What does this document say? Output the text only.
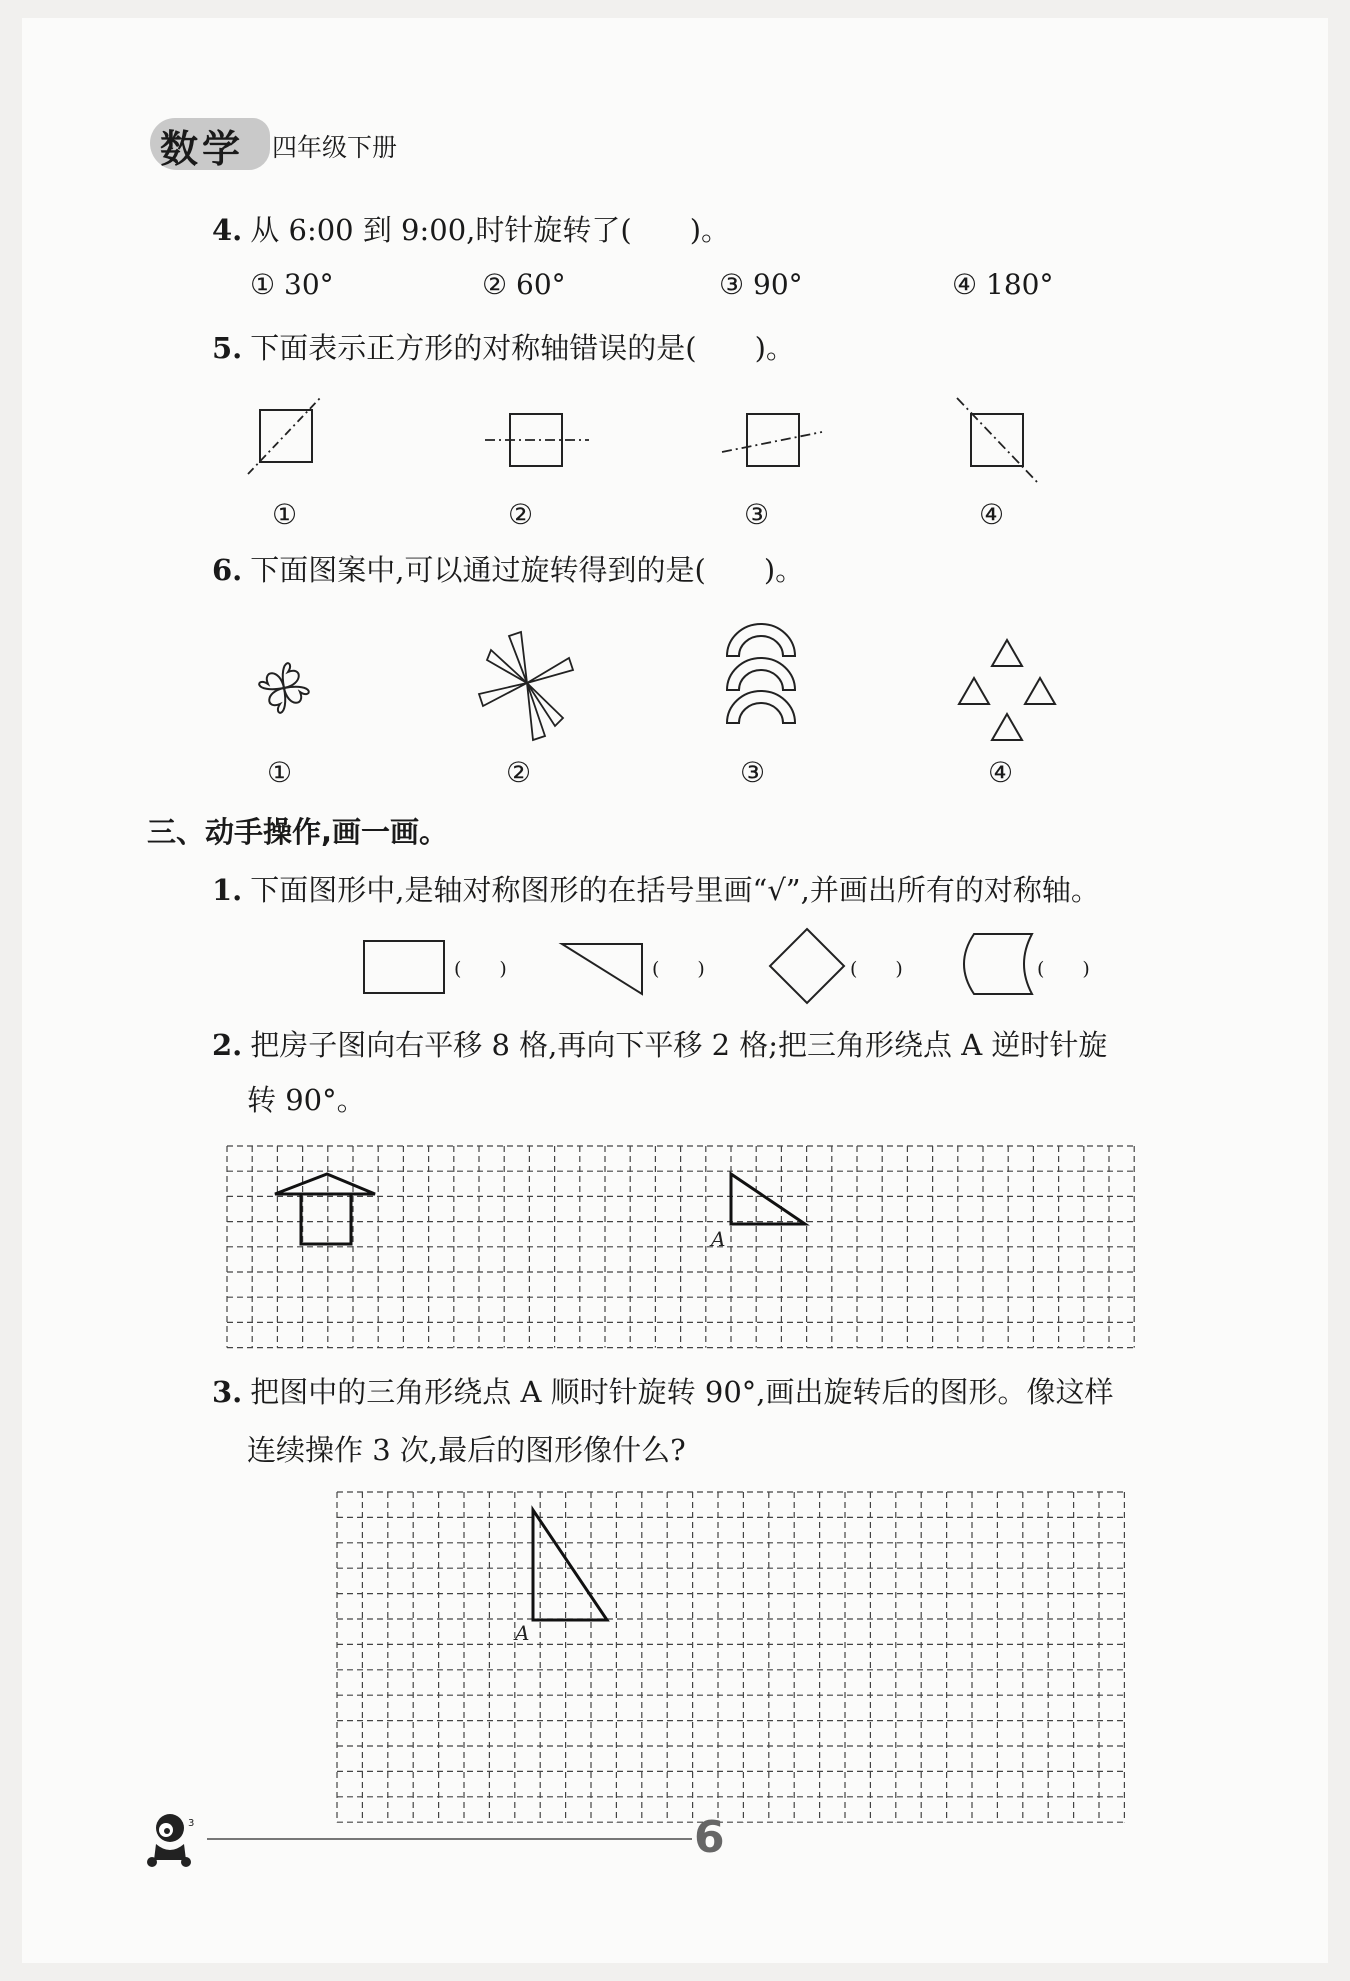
数学 四年级下册
4. 从 6:00 到 9:00,时针旋转了(　　)。
① 30°	② 60°	③ 90°	④ 180°
5. 下面表示正方形的对称轴错误的是(　　)。
①	②	③	④
6. 下面图案中,可以通过旋转得到的是(　　)。
①	②	③	④
三、动手操作,画一画。
1. 下面图形中,是轴对称图形的在括号里画“√”,并画出所有的对称轴。
(　　)	(　　)	(　　)	(　　)
2. 把房子图向右平移 8 格,再向下平移 2 格;把三角形绕点 A 逆时针旋
转 90°。
A
3. 把图中的三角形绕点 A 顺时针旋转 90°,画出旋转后的图形。像这样
连续操作 3 次,最后的图形像什么?
A
3	6
